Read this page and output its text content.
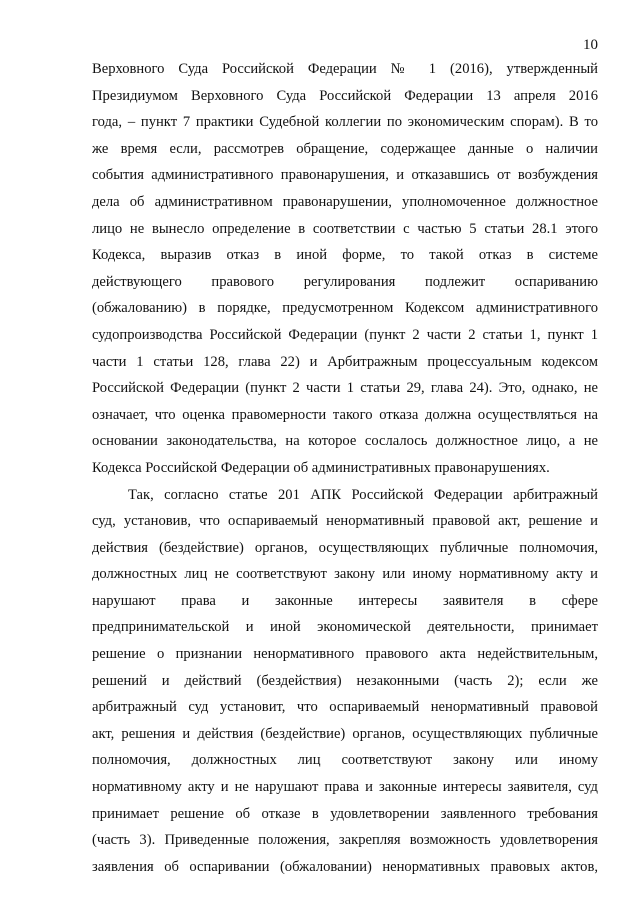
10
Верховного Суда Российской Федерации № 1 (2016), утвержденный
Президиумом Верховного Суда Российской Федерации 13 апреля 2016
года, – пункт 7 практики Судебной коллегии по экономическим спорам). В то
же время если, рассмотрев обращение, содержащее данные о наличии
события административного правонарушения, и отказавшись от возбуждения
дела об административном правонарушении, уполномоченное должностное
лицо не вынесло определение в соответствии с частью 5 статьи 28.1 этого
Кодекса, выразив отказ в иной форме, то такой отказ в системе
действующего правового регулирования подлежит оспариванию
(обжалованию) в порядке, предусмотренном Кодексом административного
судопроизводства Российской Федерации (пункт 2 части 2 статьи 1, пункт 1
части 1 статьи 128, глава 22) и Арбитражным процессуальным кодексом
Российской Федерации (пункт 2 части 1 статьи 29, глава 24). Это, однако, не
означает, что оценка правомерности такого отказа должна осуществляться на
основании законодательства, на которое сослалось должностное лицо, а не
Кодекса Российской Федерации об административных правонарушениях.
Так, согласно статье 201 АПК Российской Федерации арбитражный
суд, установив, что оспариваемый ненормативный правовой акт, решение и
действия (бездействие) органов, осуществляющих публичные полномочия,
должностных лиц не соответствуют закону или иному нормативному акту и
нарушают права и законные интересы заявителя в сфере
предпринимательской и иной экономической деятельности, принимает
решение о признании ненормативного правового акта недействительным,
решений и действий (бездействия) незаконными (часть 2); если же
арбитражный суд установит, что оспариваемый ненормативный правовой
акт, решения и действия (бездействие) органов, осуществляющих публичные
полномочия, должностных лиц соответствуют закону или иному
нормативному акту и не нарушают права и законные интересы заявителя, суд
принимает решение об отказе в удовлетворении заявленного требования
(часть 3). Приведенные положения, закрепляя возможность удовлетворения
заявления об оспаривании (обжаловании) ненормативных правовых актов,
